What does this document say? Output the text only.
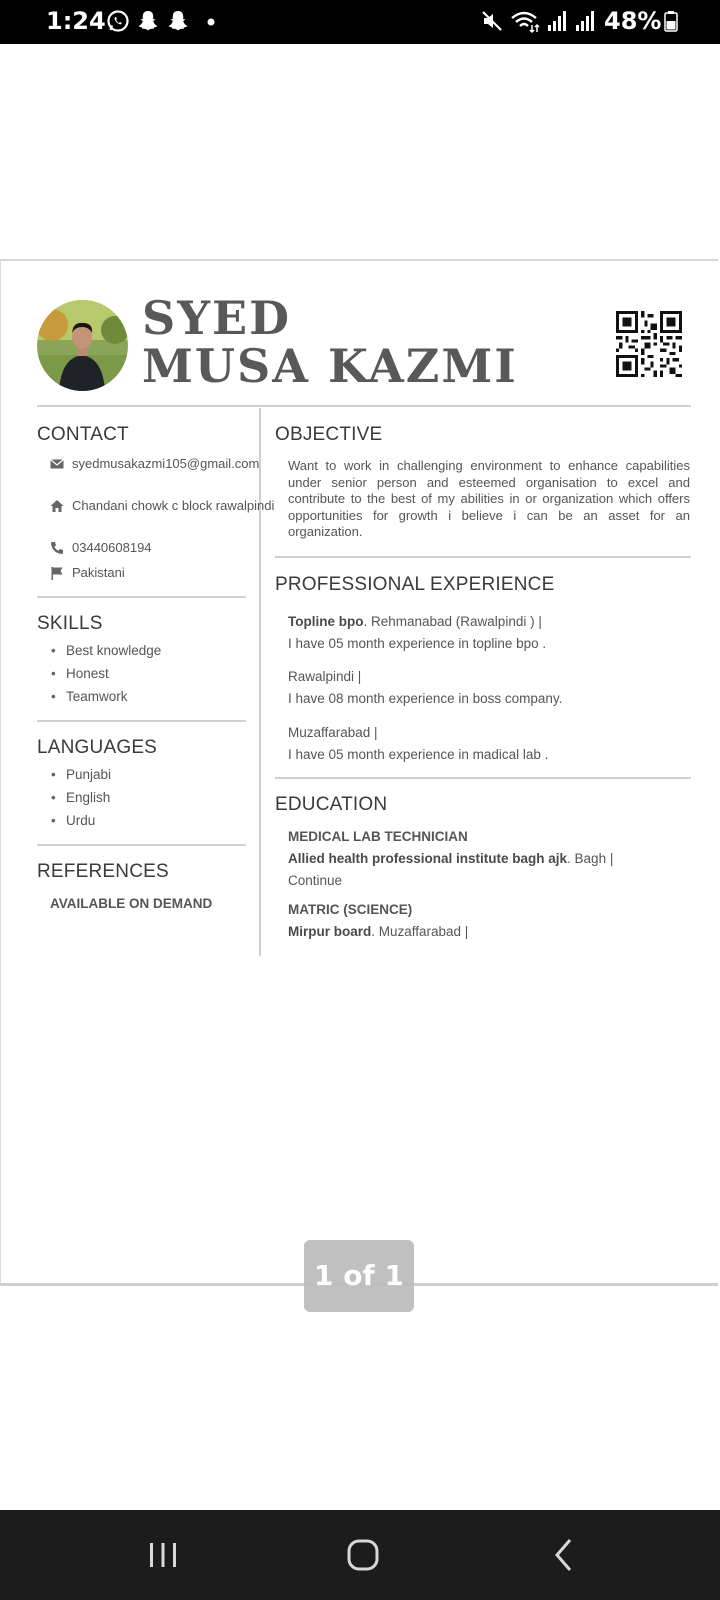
1:24	48%
SYED
MUSA KAZMI
CONTACT
syedmusakazmi105@gmail.com
Chandani chowk c block rawalpindi
03440608194
Pakistani
SKILLS
Best knowledge
Honest
Teamwork
LANGUAGES
Punjabi
English
Urdu
REFERENCES
AVAILABLE ON DEMAND
OBJECTIVE
Want to work in challenging environment to enhance capabilities under senior person and esteemed organisation to excel and contribute to the best of my abilities in or organization which offers opportunities for growth i believe i can be an asset for an organization.
PROFESSIONAL EXPERIENCE
Topline bpo. Rehmanabad (Rawalpindi ) |
I have 05 month experience in topline bpo .
Rawalpindi |
I have 08 month experience in boss company.
Muzaffarabad |
I have 05 month experience in madical lab .
EDUCATION
MEDICAL LAB TECHNICIAN
Allied health professional institute bagh ajk. Bagh |
Continue
MATRIC (SCIENCE)
Mirpur board. Muzaffarabad |
1 of 1
